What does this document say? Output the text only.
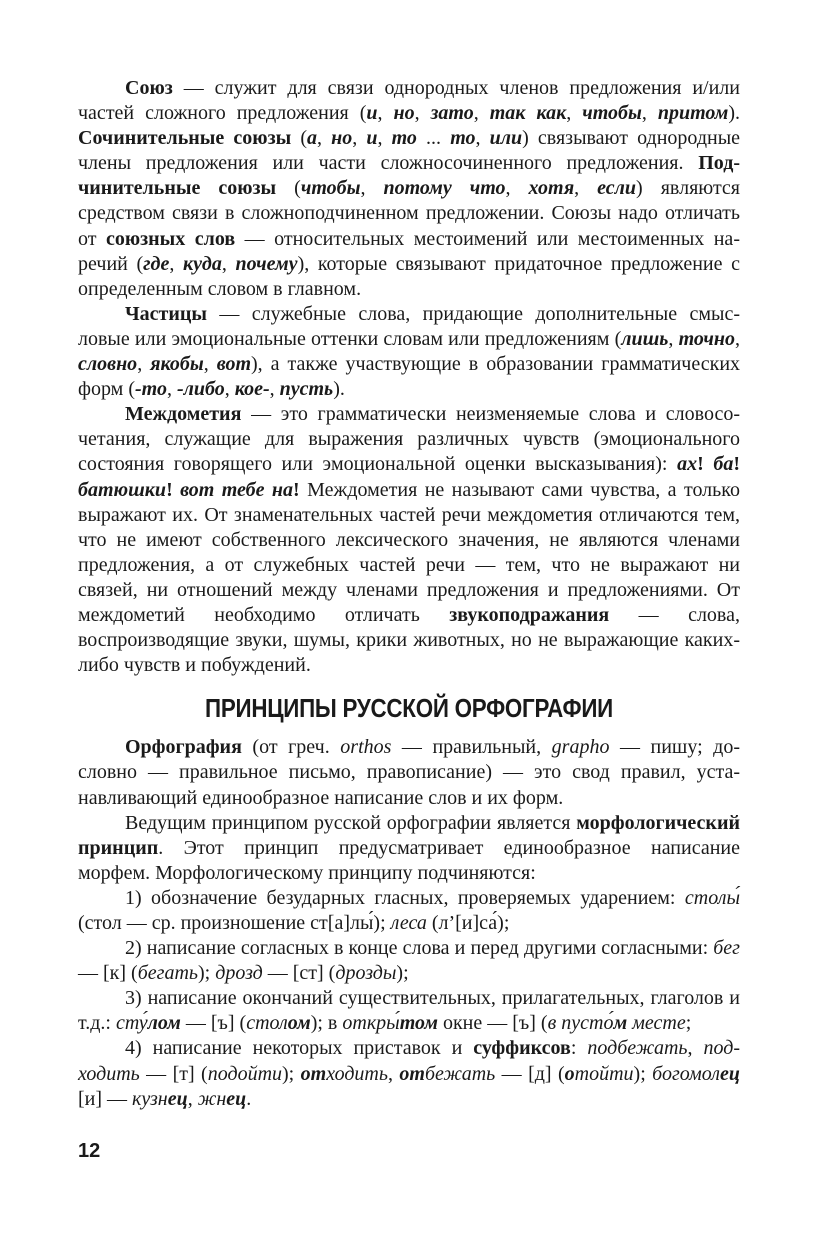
Союз — служит для связи однородных членов предложения и/или частей сложного предложения (и, но, зато, так как, чтобы, притом). Сочинительные союзы (а, но, и, то ... то, или) связывают однородные члены предложения или части сложносочиненного предложения. Подчинительные союзы (чтобы, потому что, хотя, если) являются средством связи в сложноподчиненном предложении. Союзы надо отличать от союзных слов — относительных местоимений или местоименных наречий (где, куда, почему), которые связывают придаточное предложение с определенным словом в главном.

Частицы — служебные слова, придающие дополнительные смысловые или эмоциональные оттенки словам или предложениям (лишь, точно, словно, якобы, вот), а также участвующие в образовании грамматических форм (-то, -либо, кое-, пусть).

Междометия — это грамматически неизменяемые слова и словосочетания, служащие для выражения различных чувств (эмоционального состояния говорящего или эмоциональной оценки высказывания): ах! ба! батюшки! вот тебе на! Междометия не называют сами чувства, а только выражают их. От знаменательных частей речи междометия отличаются тем, что не имеют собственного лексического значения, не являются членами предложения, а от служебных частей речи — тем, что не выражают ни связей, ни отношений между членами предложения и предложениями. От междометий необходимо отличать звукоподражания — слова, воспроизводящие звуки, шумы, крики животных, но не выражающие каких-либо чувств и побуждений.

ПРИНЦИПЫ РУССКОЙ ОРФОГРАФИИ

Орфография (от греч. orthos — правильный, grapho — пишу; дословно — правильное письмо, правописание) — это свод правил, устанавливающий единообразное написание слов и их форм.

Ведущим принципом русской орфографии является морфологический принцип. Этот принцип предусматривает единообразное написание морфем. Морфологическому принципу подчиняются:

1) обозначение безударных гласных, проверяемых ударением: столы́ (стол — ср. произношение ст[а]лы́); леса (л’[и]са́);

2) написание согласных в конце слова и перед другими согласными: бег — [к] (бегать); дрозд — [ст] (дрозды);

3) написание окончаний существительных, прилагательных, глаголов и т.д.: сту́лом — [ъ] (столом); в откры́том окне — [ъ] (в пусто́м месте;

4) написание некоторых приставок и суффиксов: подбежать, подходить — [т] (подойти); отходить, отбежать — [д] (отойти); богомолец [и] — кузнец, жнец.

12
